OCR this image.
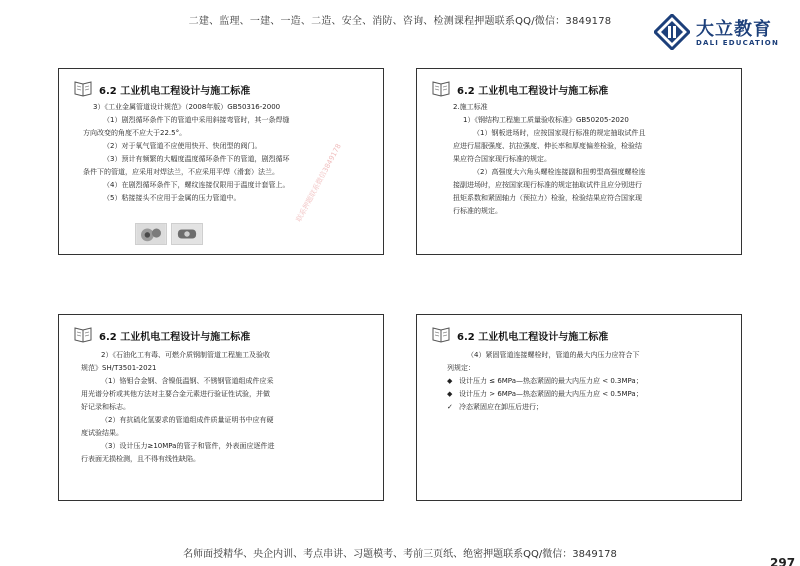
二建、监理、一建、一造、二造、安全、消防、咨询、检测课程押题联系QQ/微信：3849178	大立教育
DALI EDUCATION
6.2 工业机电工程设计与施工标准

3）《工业金属管道设计规范》（2008年版）GB50316-2000

（1）剧烈循环条件下的管道中采用斜接弯管时，其一条焊缝

方向改变的角度不应大于22.5°。

（2）对于氧气管道不应使用快开、快闭型的阀门。

（3）预计有频繁的大幅度温度循环条件下的管道，剧烈循环

条件下的管道，应采用对焊法兰，不应采用平焊（滑套）法兰。

（4）在剧烈循环条件下，螺纹连接仅限用于温度计套管上。

（5）粘接接头不应用于金属的压力管道中。	联系押题联系微信3849178
6.2 工业机电工程设计与施工标准

2.施工标准

1）《钢结构工程施工质量验收标准》GB50205-2020

（1）钢板进场时，应按国家现行标准的规定抽取试件且

应进行屈服强度、抗拉强度、伸长率和厚度偏差检验，检验结

果应符合国家现行标准的规定。

（2）高强度大六角头螺栓连接副和扭剪型高强度螺栓连

接副进场时，应按国家现行标准的规定抽取试件且应分别进行

扭矩系数和紧固轴力（预拉力）检验，检验结果应符合国家现

行标准的规定。

6.2 工业机电工程设计与施工标准

2）《石油化工有毒、可燃介质钢制管道工程施工及验收

规范》SH/T3501-2021

（1）铬钼合金钢、含镍低温钢、不锈钢管道组成件应采

用光谱分析或其他方法对主要合金元素进行验证性试验，并做

好记录和标志。

（2）有抗硫化氢要求的管道组成件质量证明书中应有硬

度试验结果。

（3）设计压力≥10MPa的管子和管件，外表面应逐件进

行表面无损检测，且不得有线性缺陷。

6.2 工业机电工程设计与施工标准

（4）紧固管道连接螺栓时，管道的最大内压力应符合下

列规定：

◆ 设计压力 ≤ 6MPa—热态紧固的最大内压力应 < 0.3MPa；
◆ 设计压力 > 6MPa—热态紧固的最大内压力应 < 0.5MPa；
✓ 冷态紧固应在卸压后进行；
名师面授精华、央企内训、考点串讲、习题模考、考前三页纸、绝密押题联系QQ/微信：3849178
297
